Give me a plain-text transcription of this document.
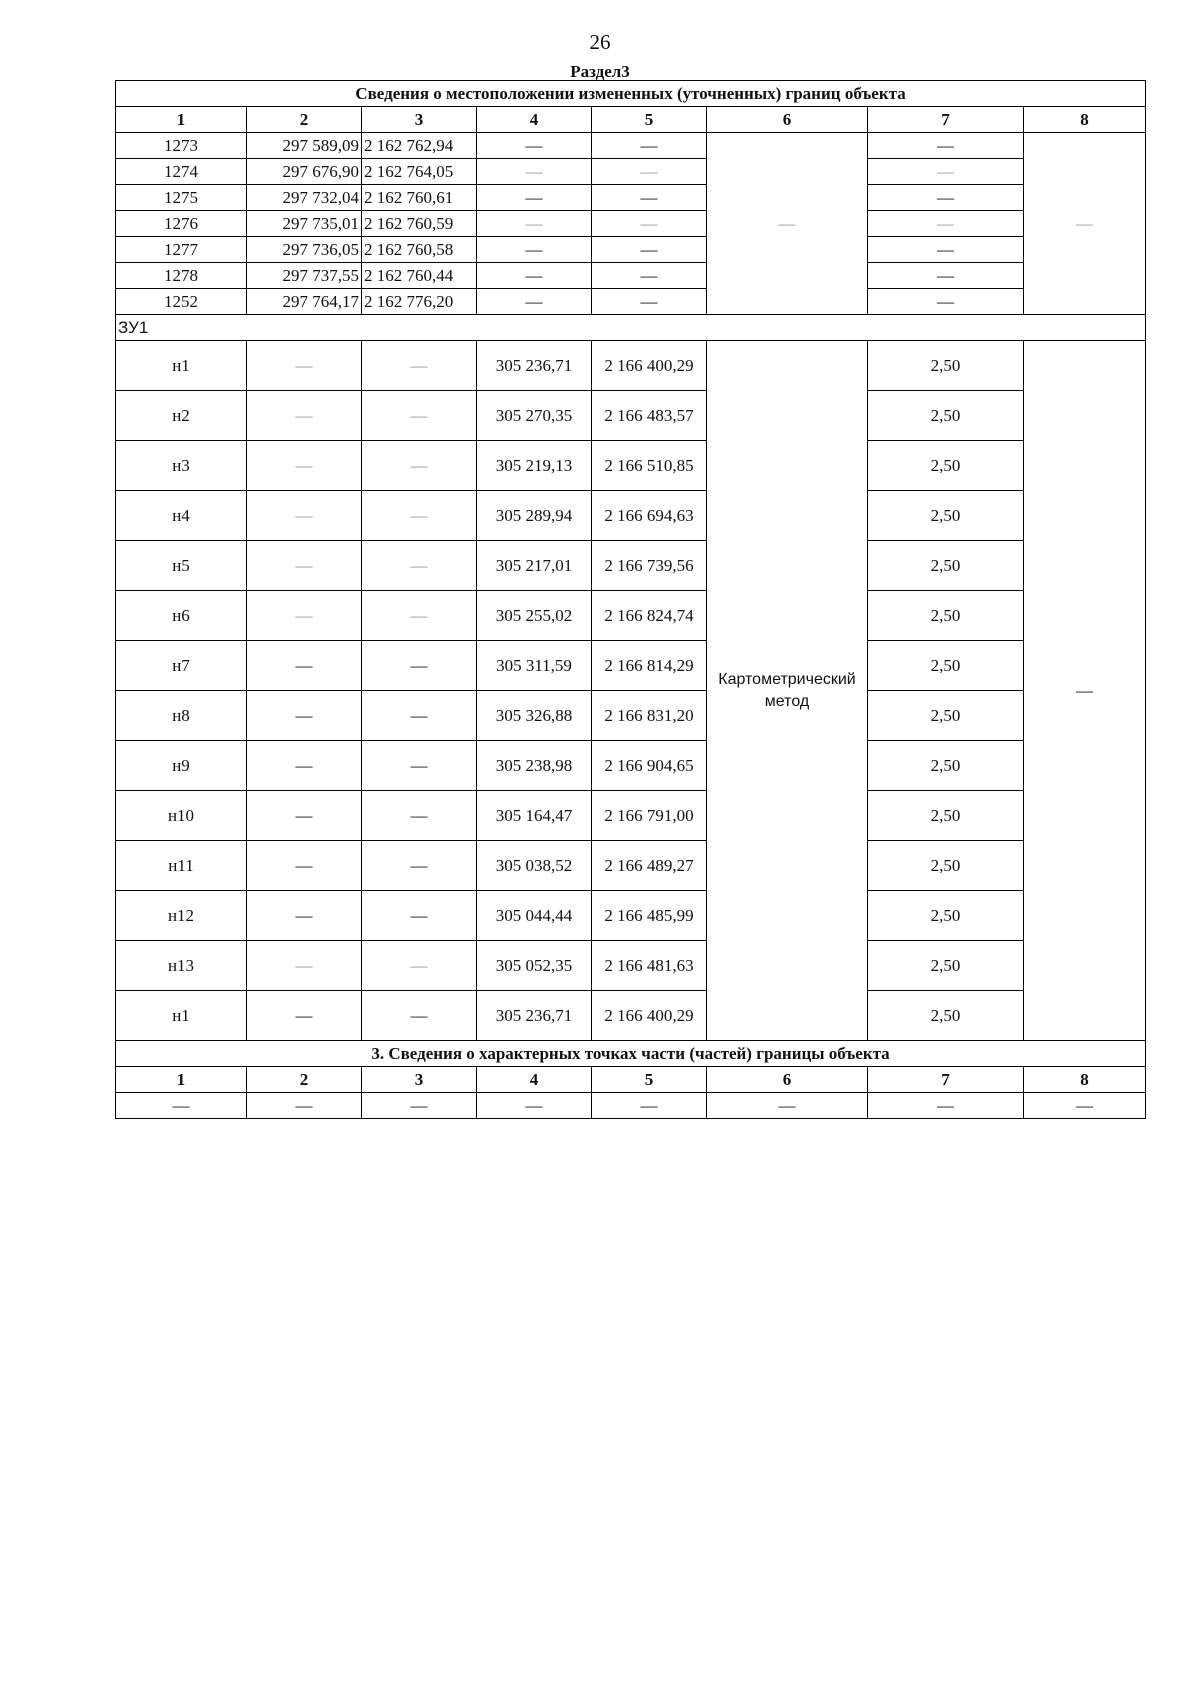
26
Раздел3
Сведения о местоположении измененных (уточненных) границ объекта							
1	2	3	4	5	6	7	8
1273	297 589,09	2 162 762,94	—	—	—	—	—
1274	297 676,90	2 162 764,05	—	—		—	
1275	297 732,04	2 162 760,61	—	—		—	
1276	297 735,01	2 162 760,59	—	—		—	
1277	297 736,05	2 162 760,58	—	—		—	
1278	297 737,55	2 162 760,44	—	—		—	
1252	297 764,17	2 162 776,20	—	—		—	
ЗУ1							
н1	—	—	305 236,71	2 166 400,29	Картометрический метод	2,50	—
н2	—	—	305 270,35	2 166 483,57		2,50	
н3	—	—	305 219,13	2 166 510,85		2,50	
н4	—	—	305 289,94	2 166 694,63		2,50	
н5	—	—	305 217,01	2 166 739,56		2,50	
н6	—	—	305 255,02	2 166 824,74		2,50	
н7	—	—	305 311,59	2 166 814,29		2,50	
н8	—	—	305 326,88	2 166 831,20		2,50	
н9	—	—	305 238,98	2 166 904,65		2,50	
н10	—	—	305 164,47	2 166 791,00		2,50	
н11	—	—	305 038,52	2 166 489,27		2,50	
н12	—	—	305 044,44	2 166 485,99		2,50	
н13	—	—	305 052,35	2 166 481,63		2,50	
н1	—	—	305 236,71	2 166 400,29		2,50	
3. Сведения о характерных точках части (частей) границы объекта							
1	2	3	4	5	6	7	8
—	—	—	—	—	—	—	—
